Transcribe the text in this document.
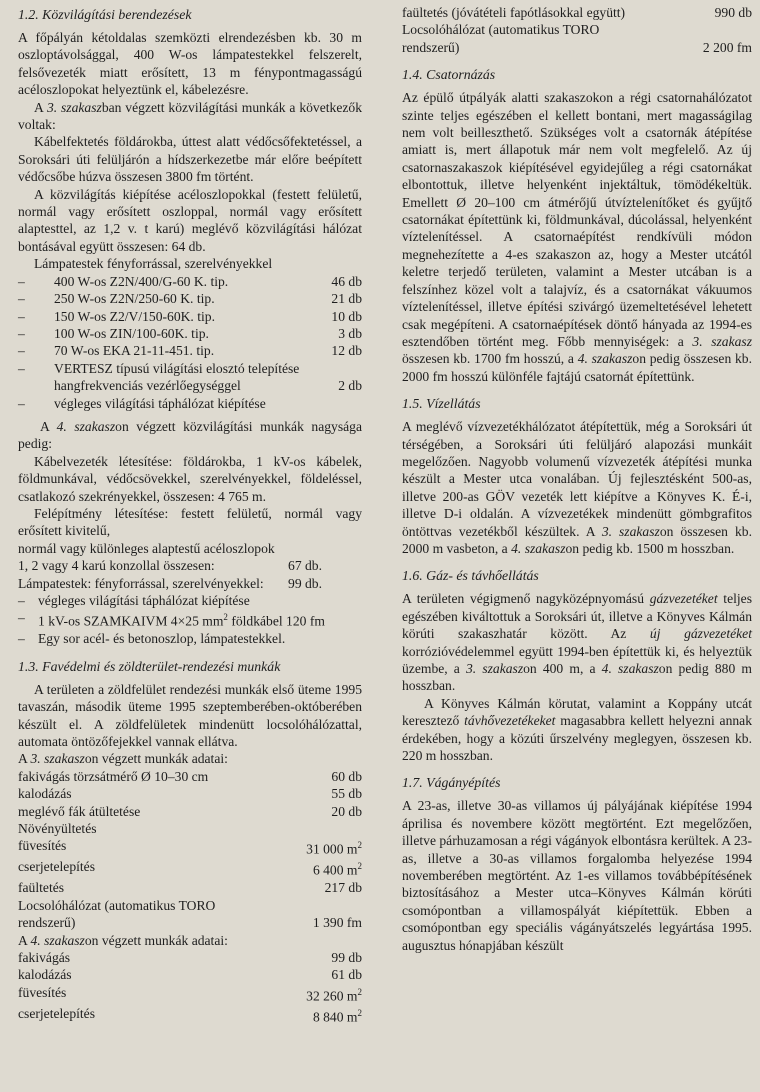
1.2. Közvilágítási berendezések

A főpályán kétoldalas szemközti elrendezésben kb. 30 m oszloptávolsággal, 400 W-os lámpatestekkel felszerelt, felsővezeték miatt erősített, 13 m fénypontmagasságú acéloszlopokat helyeztünk el, kábelezésre.

A 3. szakaszban végzett közvilágítási munkák a következők voltak:

Kábelfektetés földárokba, úttest alatt védőcsőfektetéssel, a Soroksári úti felüljárón a hídszerkezetbe már előre beépített védőcsőbe húzva összesen 3800 fm történt.

A közvilágítás kiépítése acéloszlopokkal (festett felületű, normál vagy erősített oszloppal, normál vagy erősített alaptesttel, az 1,2 v. t karú) meglévő közvilágítási hálózat bontásával együtt összesen: 64 db.

Lámpatestek fényforrással, szerelvényekkel

–	400 W-os Z2N/400/G-60 K. tip.	46 db
–	250 W-os Z2N/250-60 K. tip.	21 db
–	150 W-os Z2/V/150-60K. tip.	10 db
–	100 W-os ZIN/100-60K. tip.	3 db
–	70 W-os EKA 21-11-451. tip.	12 db
–	VERTESZ típusú világítási elosztó telepítése
hangfrekvenciás vezérlőegységgel	2 db
–	végleges világítási táphálózat kiépítése

A 4. szakaszon végzett közvilágítási munkák nagysága pedig:

Kábelvezeték létesítése: földárokba, 1 kV-os kábelek, földmunkával, védőcsövekkel, szerelvényekkel, földeléssel, csatlakozó szekrényekkel, összesen: 4 765 m.

Felépítmény létesítése: festett felületű, normál vagy erősített kivitelű,

normál vagy különleges alaptestű acéloszlopok

1, 2 vagy 4 karú konzollal összesen:	67 db.
Lámpatestek: fényforrással, szerelvényekkel:	99 db.
– végleges világítási táphálózat kiépítése
– 1 kV-os SZAMKAIVM 4×25 $mm^2$ földkábel 120 fm
– Egy sor acél- és betonoszlop, lámpatestekkel.
1.3. Favédelmi és zöldterület-rendezési munkák

A területen a zöldfelület rendezési munkák első üteme 1995 tavaszán, második üteme 1995 szeptemberében-októberében készült el. A zöldfelületek mindenütt locsolóhálózattal, automata öntözőfejekkel vannak ellátva.

A 3. szakaszon végzett munkák adatai:

fakivágás törzsátmérő Ø 10–30 cm	60 db
kalodázás	55 db
meglévő fák átültetése	20 db

Növényültetés

füvesítés	31 000 $m^2$
cserjetelepítés	6 400 $m^2$
faültetés	217 db

Locsolóhálózat (automatikus TORO

rendszerű)	1 390 fm

A 4. szakaszon végzett munkák adatai:

fakivágás	99 db
kalodázás	61 db
füvesítés	32 260 $m^2$
cserjetelepítés	8 840 $m^2$
faültetés (jóvátételi fapótlásokkal együtt)	990 db

Locsolóhálózat (automatikus TORO

rendszerű)	2 200 fm
1.4. Csatornázás

Az épülő útpályák alatti szakaszokon a régi csatornahálózatot szinte teljes egészében el kellett bontani, mert magasságilag nem volt beilleszthető. Szükséges volt a csatornák átépítése amiatt is, mert állapotuk már nem volt megfelelő. Az új csatornaszakaszok kiépítésével egyidejűleg a régi csatornákat elbontottuk, illetve helyenként injektáltuk, tömödékeltük. Emellett Ø 20–100 cm átmérőjű útvíztelenítőket és gyűjtő csatornákat építettünk ki, földmunkával, dúcolással, helyenként víztelenítéssel. A csatornaépítést rendkívüli módon megnehezítette a 4-es szakaszon az, hogy a Mester utcától keletre terjedő területen, valamint a Mester utcában is a felszínhez közel volt a talajvíz, és a csatornákat vákuumos víztelenítéssel, illetve építési szivárgó üzemeltetésével lehetett csak megépíteni. A csatornaépítések döntő hányada az 1994-es esztendőben történt meg. Főbb mennyiségek: a 3. szakasz összesen kb. 1700 fm hosszú, a 4. szakaszon pedig összesen kb. 2000 fm hosszú különféle fajtájú csatornát építettünk.

1.5. Vízellátás

A meglévő vízvezetékhálózatot átépítettük, még a Soroksári út térségében, a Soroksári úti felüljáró alapozási munkáit megelőzően. Nagyobb volumenű vízvezeték átépítési munka készült a Mester utca vonalában. Új fejlesztésként 500-as, illetve 200-as GÖV vezeték lett kiépítve a Könyves K. É-i, illetve D-i oldalán. A vízvezetékek mindenütt gömbgrafitos öntöttvas vezetékből készültek. A 3. szakaszon összesen kb. 2000 m vasbeton, a 4. szakaszon pedig kb. 1500 m hosszban.

1.6. Gáz- és távhőellátás

A területen végigmenő nagyközépnyomású gázvezetéket teljes egészében kiváltottuk a Soroksári út, illetve a Könyves Kálmán körúti szakaszhatár között. Az új gázvezetéket korrózióvédelemmel együtt 1994-ben építettük ki, és helyeztük üzembe, a 3. szakaszon 400 m, a 4. szakaszon pedig 880 m hosszban.

A Könyves Kálmán körutat, valamint a Koppány utcát keresztező távhővezetékeket magasabbra kellett helyezni annak érdekében, hogy a közúti űrszelvény meglegyen, összesen kb. 220 m hosszban.

1.7. Vágányépítés

A 23-as, illetve 30-as villamos új pályájának kiépítése 1994 áprilisa és novembere között megtörtént. Ezt megelőzően, illetve párhuzamosan a régi vágányok elbontásra kerültek. A 23-as, illetve a 30-as villamos forgalomba helyezése 1994 novemberében megtörtént. Az 1-es villamos továbbépítésének biztosításához a Mester utca–Könyves Kálmán körúti csomópontban a villamospályát kiépítettük. Ebben a csomópontban egy speciális vágányátszelés legyártása 1995. augusztus hónapjában készült
